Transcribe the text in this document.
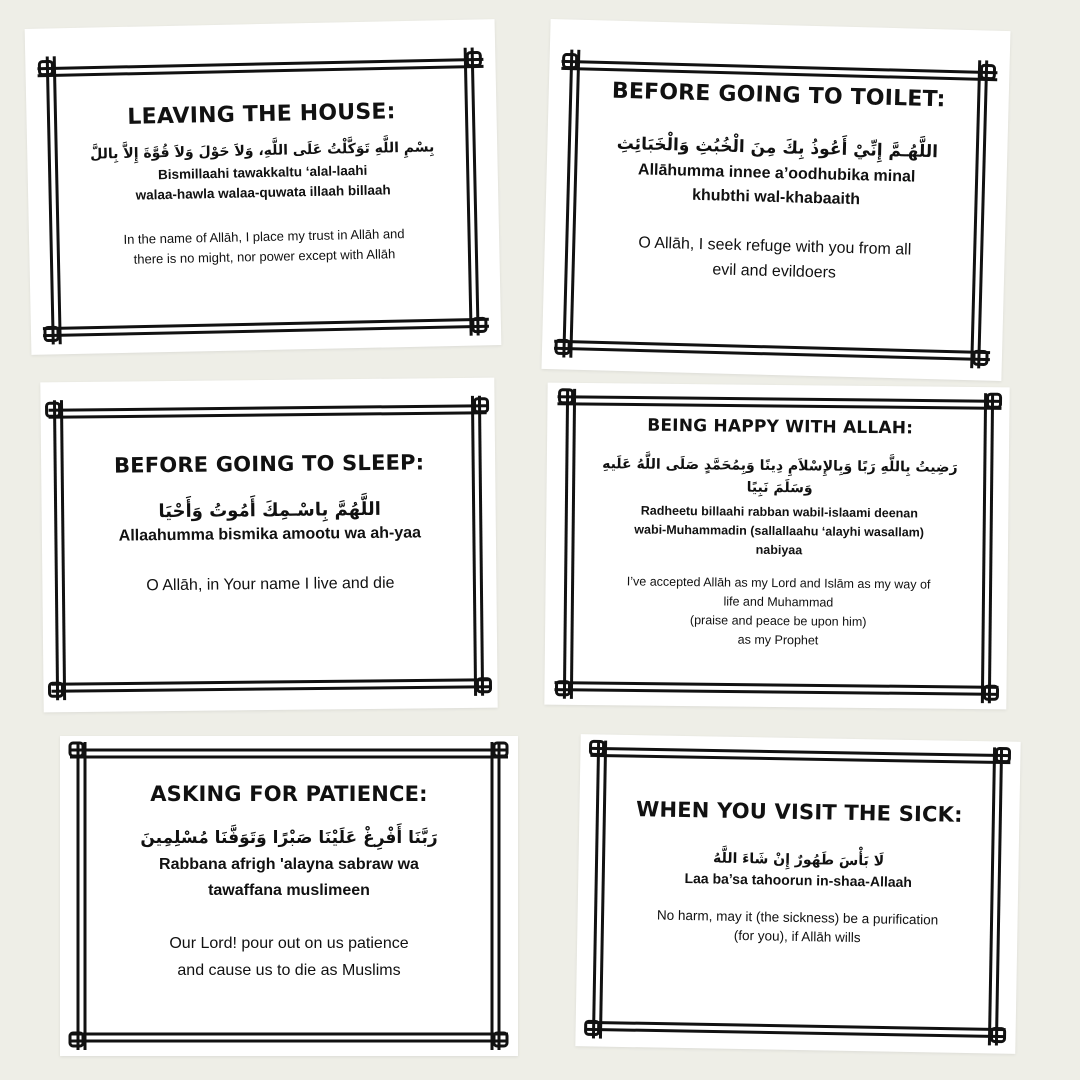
LEAVING THE HOUSE:

بِسْمِ اللَّهِ تَوَكَّلْتُ عَلَى اللَّهِ، وَلاَ حَوْلَ وَلاَ قُوَّةَ إِلاَّ بِاللَّ

Bismillaahi tawakkaltu ‘alal-laahi
walaa-hawla walaa-quwata illaah billaah
In the name of Allāh, I place my trust in Allāh and
there is no might, nor power except with Allāh

BEFORE GOING TO TOILET:

اللَّهُـمَّ إِنِّيْ أَعُوذُ بِكَ مِنَ الْخُبُثِ وَالْخَبَائِثِ

Allāhumma innee a’oodhubika minal
khubthi wal-khabaaith
O Allāh, I seek refuge with you from all
evil and evildoers

BEFORE GOING TO SLEEP:

اللَّهُمَّ بِاسْـمِكَ أَمُوتُ وَأَحْيَا

Allaahumma bismika amootu wa ah-yaa
O Allāh, in Your name I live and die

BEING HAPPY WITH ALLAH:

رَضِيتُ بِاللَّهِ رَبًا وَبِالإِسْلاَمِ دِينًا وَبِمُحَمَّدٍ صَلَى اللَّهُ عَلَيهِ وَسَلَمَ نَبِيًا

Radheetu billaahi rabban wabil-islaami deenan
wabi-Muhammadin (sallallaahu ‘alayhi wasallam)
nabiyaa
I’ve accepted Allāh as my Lord and Islām as my way of
life and Muhammad
(praise and peace be upon him)
as my Prophet

ASKING FOR PATIENCE:

رَبَّنَا أَفْرِغْ عَلَيْنَا صَبْرًا وَتَوَفَّنَا مُسْلِمِينَ

Rabbana afrigh 'alayna sabraw wa
tawaffana muslimeen
Our Lord! pour out on us patience
and cause us to die as Muslims

WHEN YOU VISIT THE SICK:

لَا بَأْسَ طَهُورٌ إِنْ شَاءَ اللَّهُ

Laa ba’sa tahoorun in-shaa-Allaah
No harm, may it (the sickness) be a purification
(for you), if Allāh wills
